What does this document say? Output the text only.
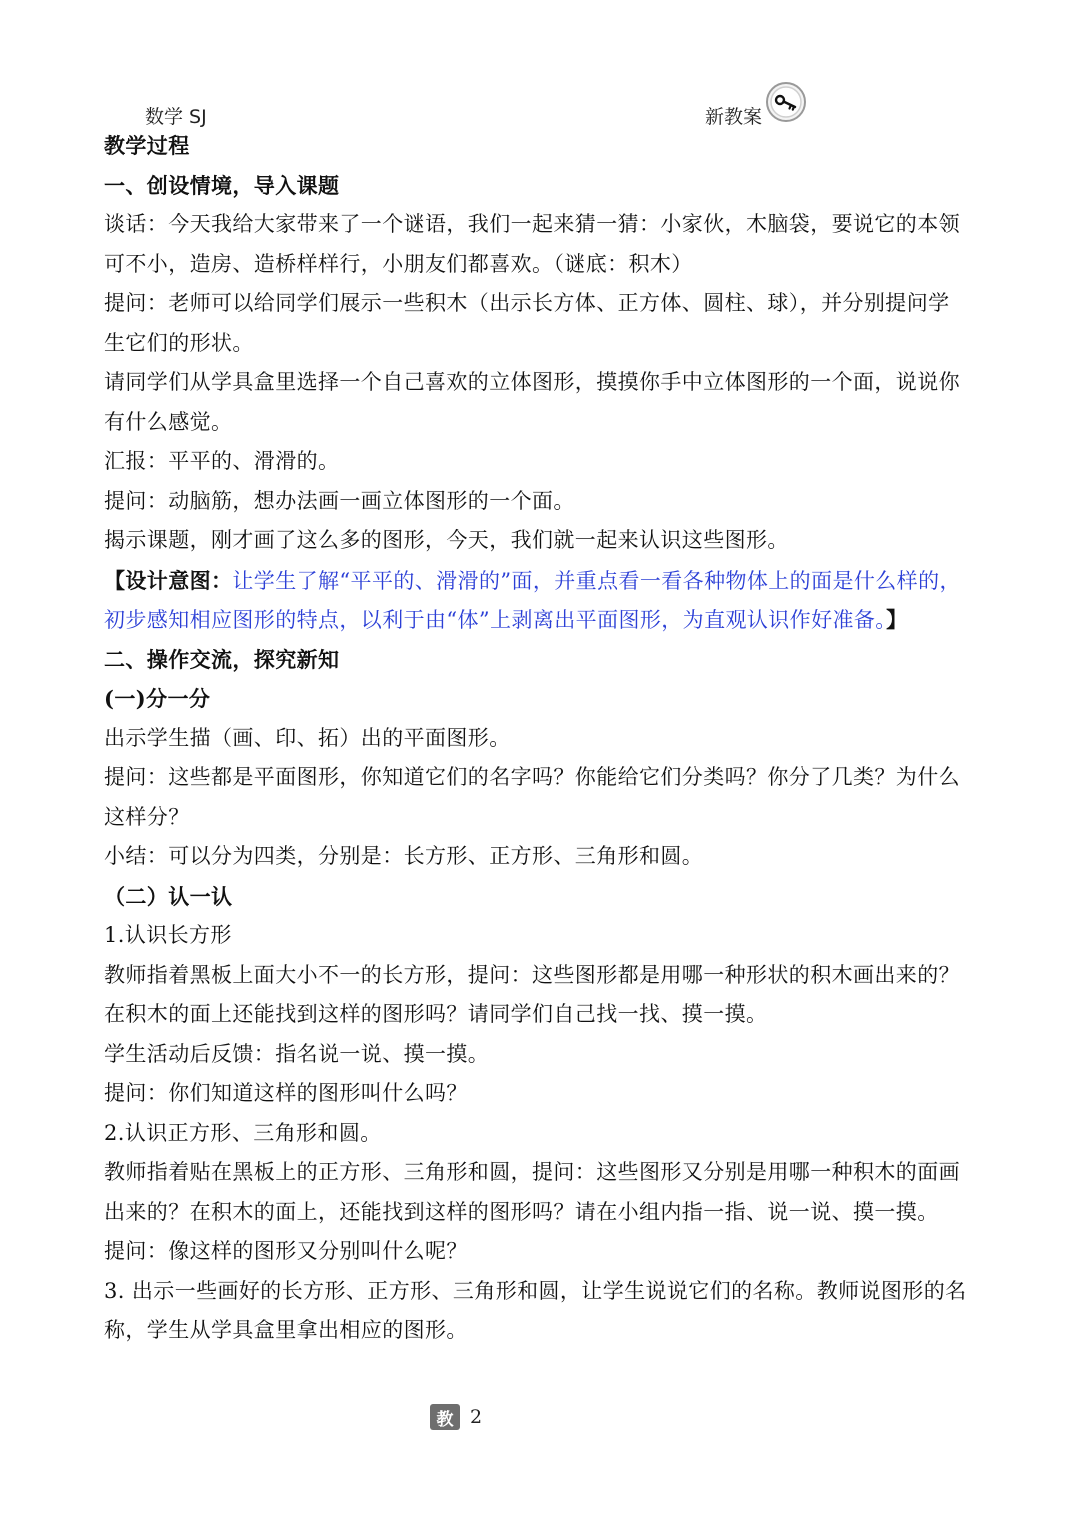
数学 SJ	新教案
教学过程
一、创设情境，导入课题
谈话：今天我给大家带来了一个谜语，我们一起来猜一猜：小家伙，木脑袋，要说它的本领
可不小，造房、造桥样样行，小朋友们都喜欢。（谜底：积木）
提问：老师可以给同学们展示一些积木（出示长方体、正方体、圆柱、球），并分别提问学
生它们的形状。
请同学们从学具盒里选择一个自己喜欢的立体图形，摸摸你手中立体图形的一个面，说说你
有什么感觉。
汇报：平平的、滑滑的。
提问：动脑筋，想办法画一画立体图形的一个面。
揭示课题，刚才画了这么多的图形，今天，我们就一起来认识这些图形。
【设计意图：让学生了解“平平的、滑滑的”面，并重点看一看各种物体上的面是什么样的，
初步感知相应图形的特点，以利于由“体”上剥离出平面图形，为直观认识作好准备。】
二、操作交流，探究新知
(一)分一分
出示学生描（画、印、拓）出的平面图形。
提问：这些都是平面图形，你知道它们的名字吗？你能给它们分类吗？你分了几类？为什么
这样分？
小结：可以分为四类，分别是：长方形、正方形、三角形和圆。
（二）认一认
1.认识长方形
教师指着黑板上面大小不一的长方形，提问：这些图形都是用哪一种形状的积木画出来的？
在积木的面上还能找到这样的图形吗？请同学们自己找一找、摸一摸。
学生活动后反馈：指名说一说、摸一摸。
提问：你们知道这样的图形叫什么吗？
2.认识正方形、三角形和圆。
教师指着贴在黑板上的正方形、三角形和圆，提问：这些图形又分别是用哪一种积木的面画
出来的？在积木的面上，还能找到这样的图形吗？请在小组内指一指、说一说、摸一摸。
提问：像这样的图形又分别叫什么呢？
3. 出示一些画好的长方形、正方形、三角形和圆，让学生说说它们的名称。教师说图形的名
称，学生从学具盒里拿出相应的图形。
教 2
